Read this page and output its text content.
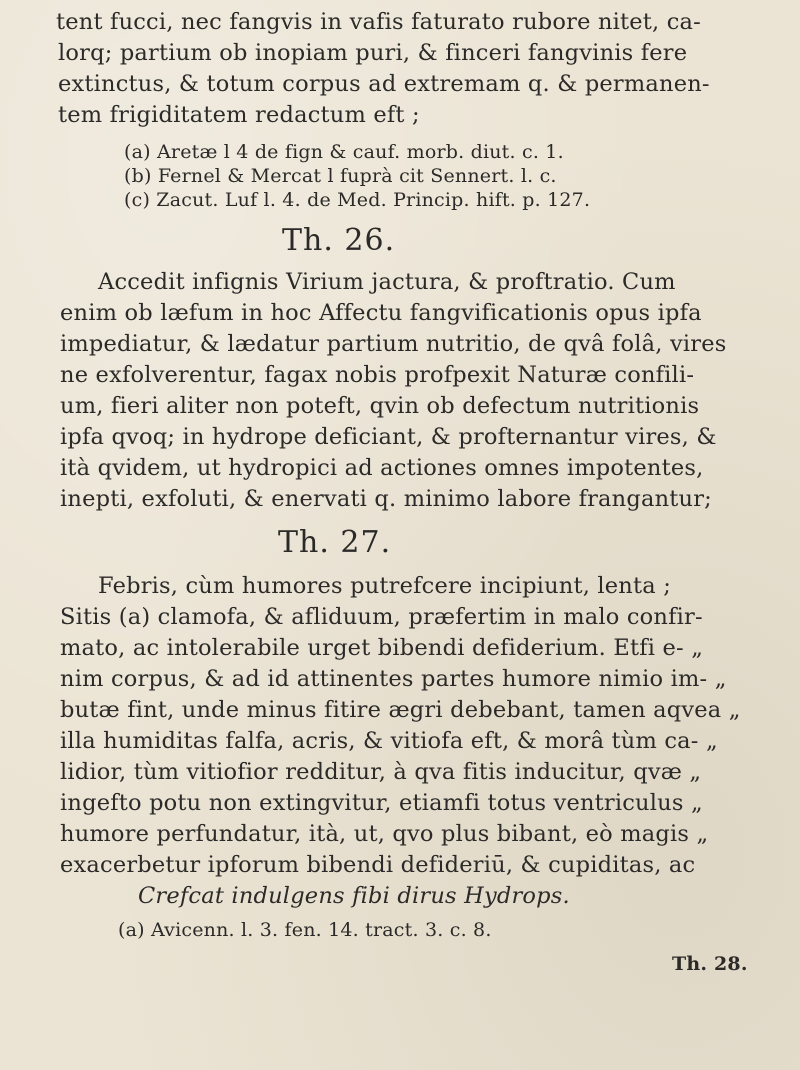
tent fucci, nec fangvis in vafis faturato rubore nitet, ca-
lorq; partium ob inopiam puri, & finceri fangvinis fere
extinctus, & totum corpus ad extremam q. & permanen-
tem frigiditatem redactum eft ;
(a) Aretæ l 4 de fign & cauf. morb. diut. c. 1.
(b) Fernel & Mercat l fuprà cit Sennert. l. c.
(c) Zacut. Luf l. 4. de Med. Princip. hift. p. 127.
Th. 26.
Accedit infignis Virium jactura, & proftratio. Cum
enim ob læfum in hoc Affectu fangvificationis opus ipfa
impediatur, & lædatur partium nutritio, de qvâ folâ, vires
ne exfolverentur, fagax nobis profpexit Naturæ confili-
um, fieri aliter non poteft, qvin ob defectum nutritionis
ipfa qvoq; in hydrope deficiant, & profternantur vires, &
ità qvidem, ut hydropici ad actiones omnes impotentes,
inepti, exfoluti, & enervati q. minimo labore frangantur;
Th. 27.
Febris, cùm humores putrefcere incipiunt, lenta ;
Sitis (a) clamofa, & afliduum, præfertim in malo confir-
mato, ac intolerabile urget bibendi defiderium. Etfi e- „
nim corpus, & ad id attinentes partes humore nimio im- „
butæ fint, unde minus fitire ægri debebant, tamen aqvea „
illa humiditas falfa, acris, & vitiofa eft, & morâ tùm ca- „
lidior, tùm vitiofior redditur, à qva fitis inducitur, qvæ „
ingefto potu non extingvitur, etiamfi totus ventriculus „
humore perfundatur, ità, ut, qvo plus bibant, eò magis „
exacerbetur ipforum bibendi defideriū, & cupiditas, ac
Crefcat indulgens fibi dirus Hydrops.
(a) Avicenn. l. 3. fen. 14. tract. 3. c. 8.
Th. 28.
